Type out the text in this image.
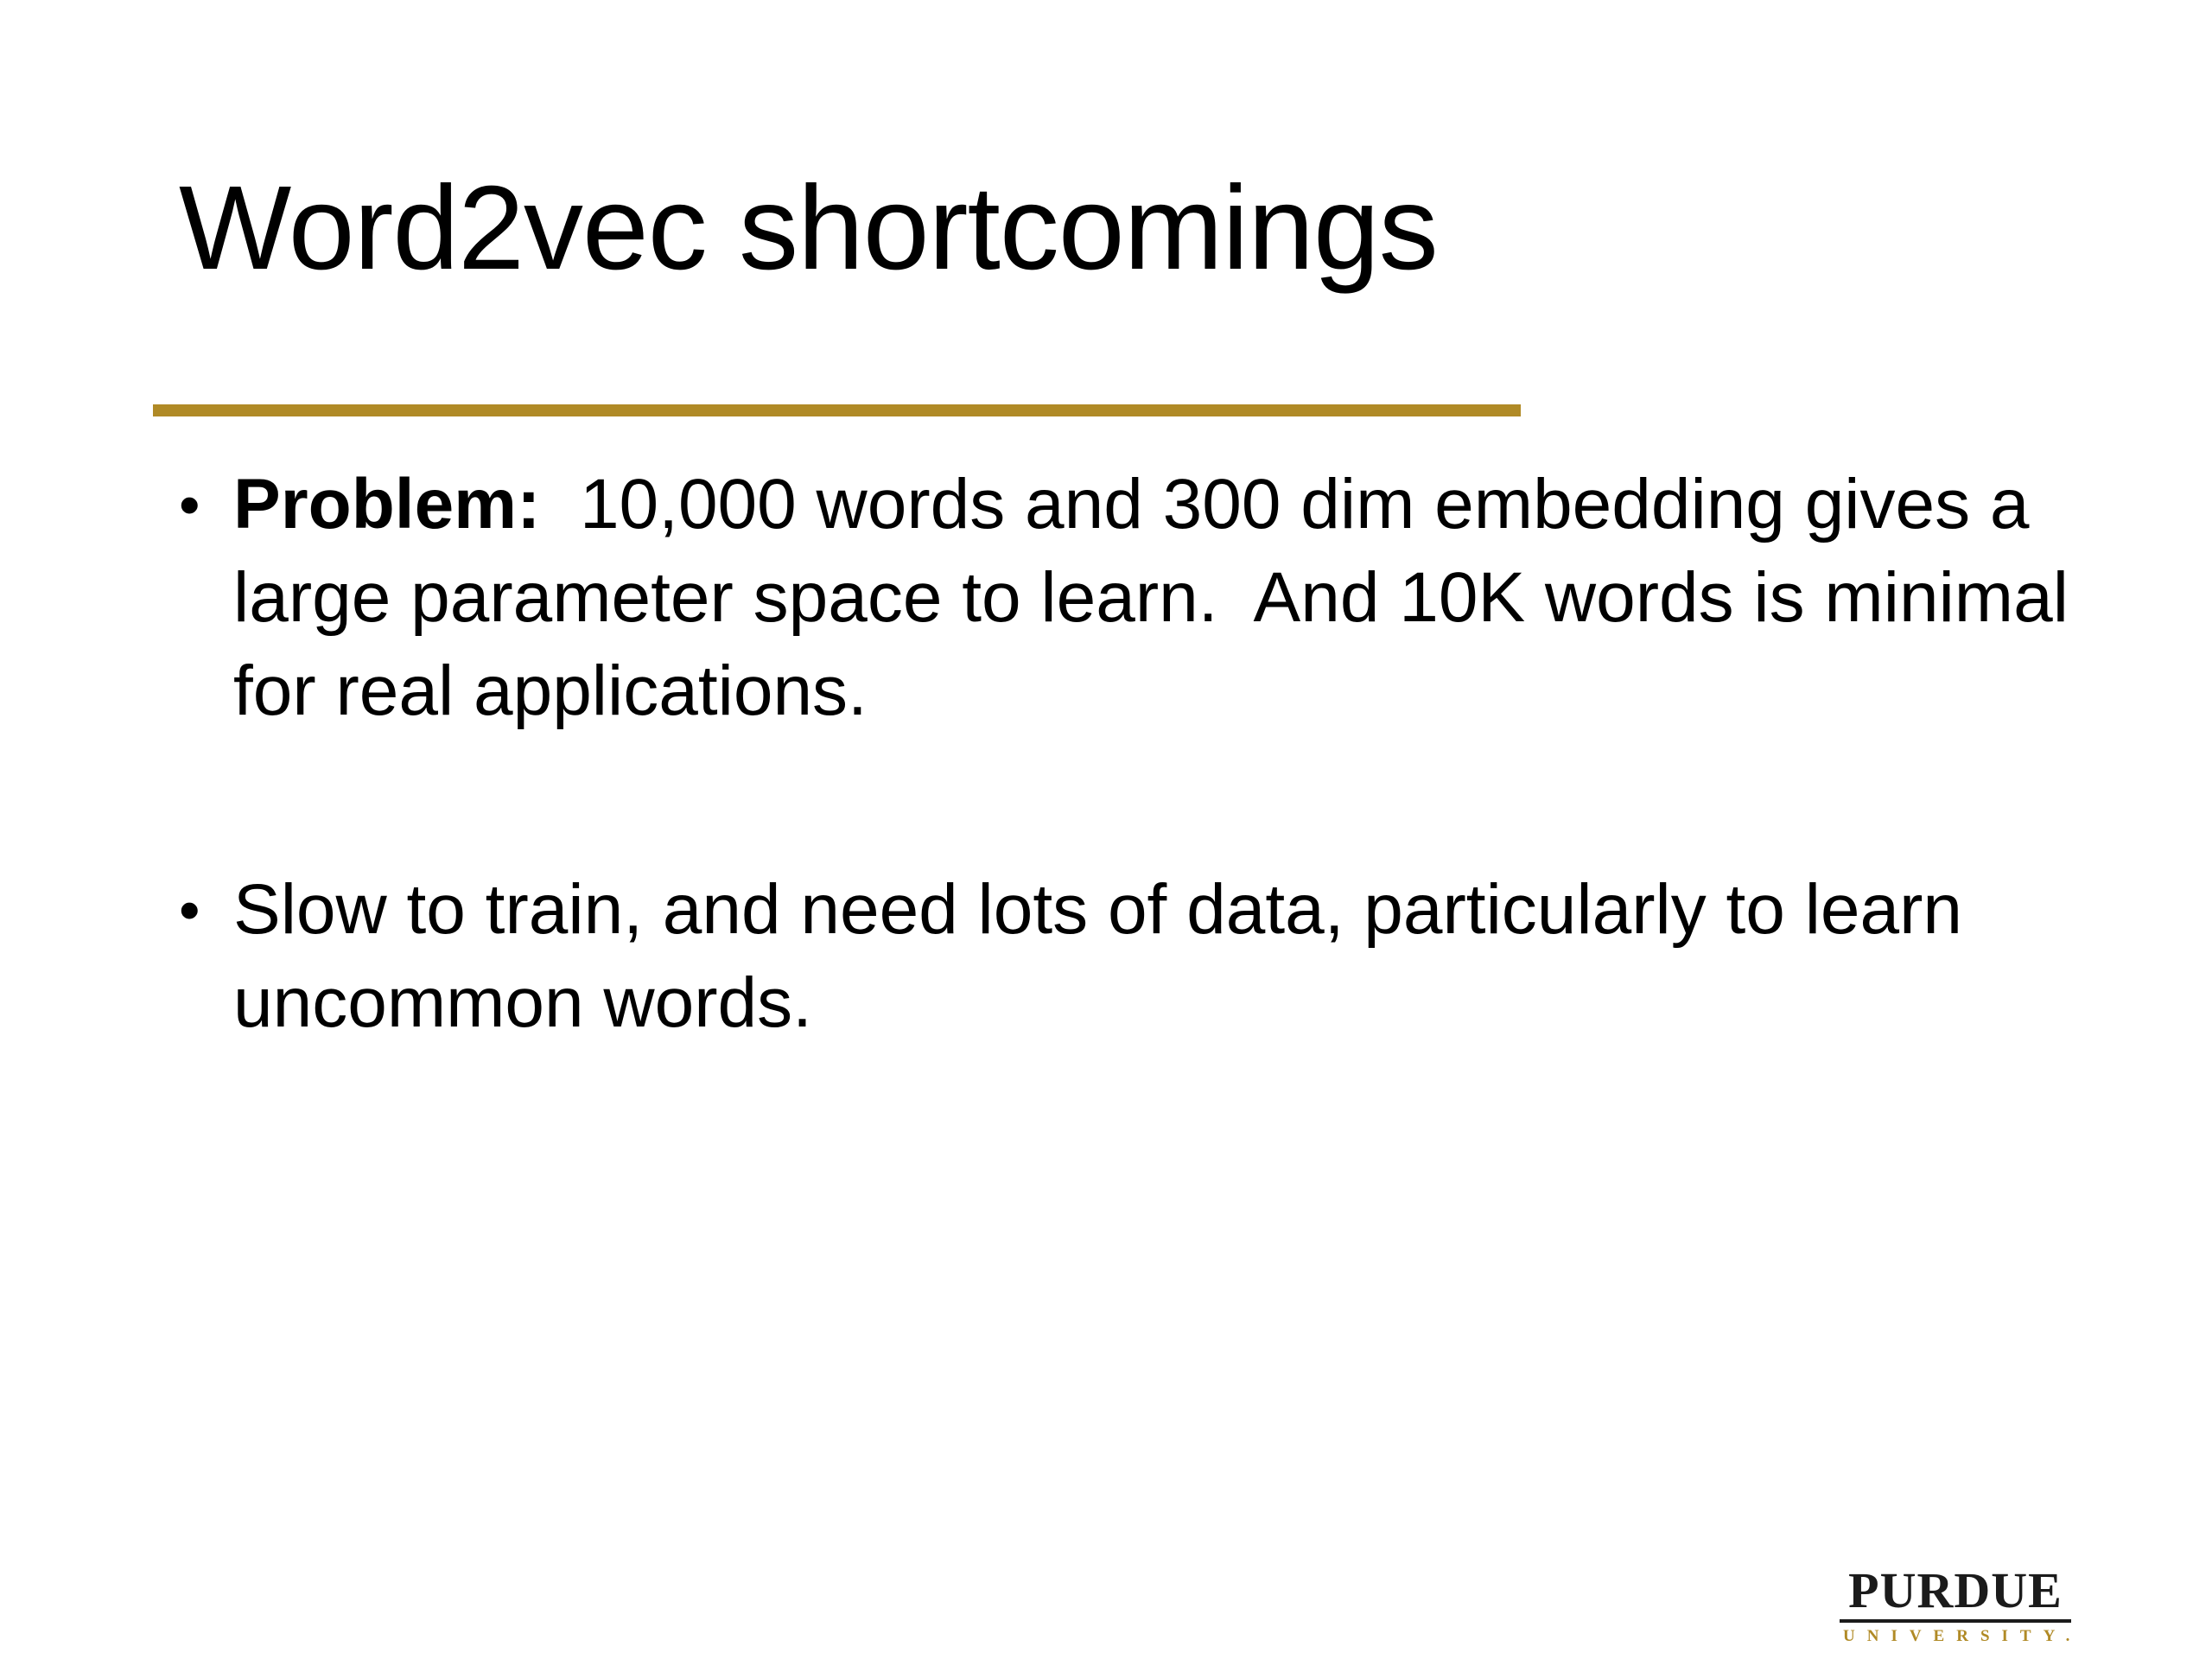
Word2vec shortcomings
• Problem:  10,000 words and 300 dim embedding gives a large parameter space to learn.  And 10K words is minimal for real applications.
• Slow to train, and need lots of data, particularly to learn uncommon words.
PURDUE
UNIVERSITY.
